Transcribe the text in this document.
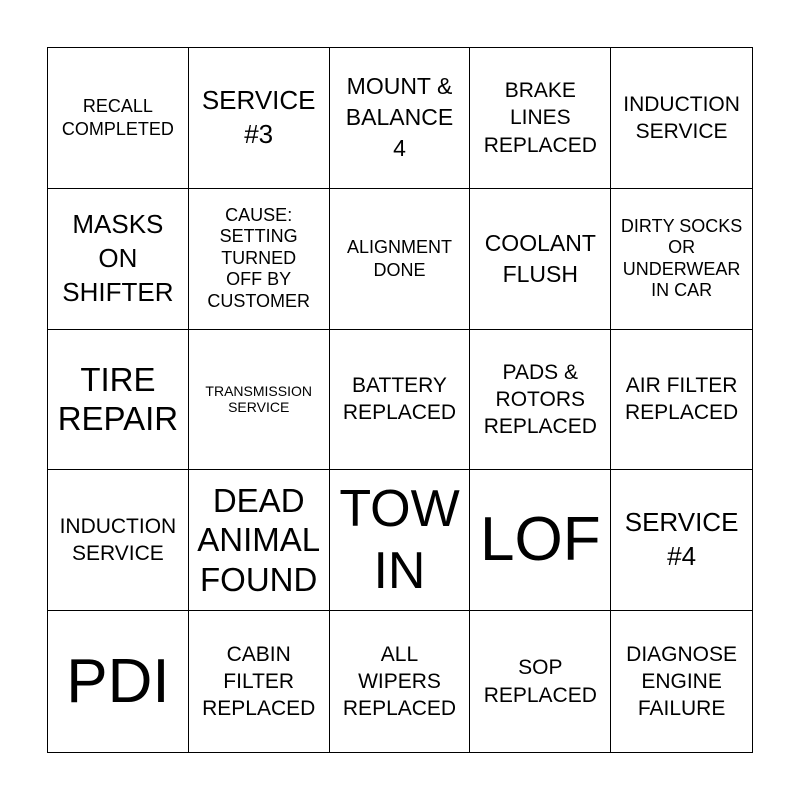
RECALL
COMPLETED
SERVICE
#3
MOUNT &
BALANCE
4
BRAKE
LINES
REPLACED
INDUCTION
SERVICE
MASKS
ON
SHIFTER
CAUSE:
SETTING
TURNED
OFF BY
CUSTOMER
ALIGNMENT
DONE
COOLANT
FLUSH
DIRTY SOCKS
OR
UNDERWEAR
IN CAR
TIRE
REPAIR
TRANSMISSION
SERVICE
BATTERY
REPLACED
PADS &
ROTORS
REPLACED
AIR FILTER
REPLACED
INDUCTION
SERVICE
DEAD
ANIMAL
FOUND
TOW
IN LOF SERVICE
#4
PDI	CABIN
FILTER
REPLACED
ALL
WIPERS
REPLACED
SOP
REPLACED
DIAGNOSE
ENGINE
FAILURE
